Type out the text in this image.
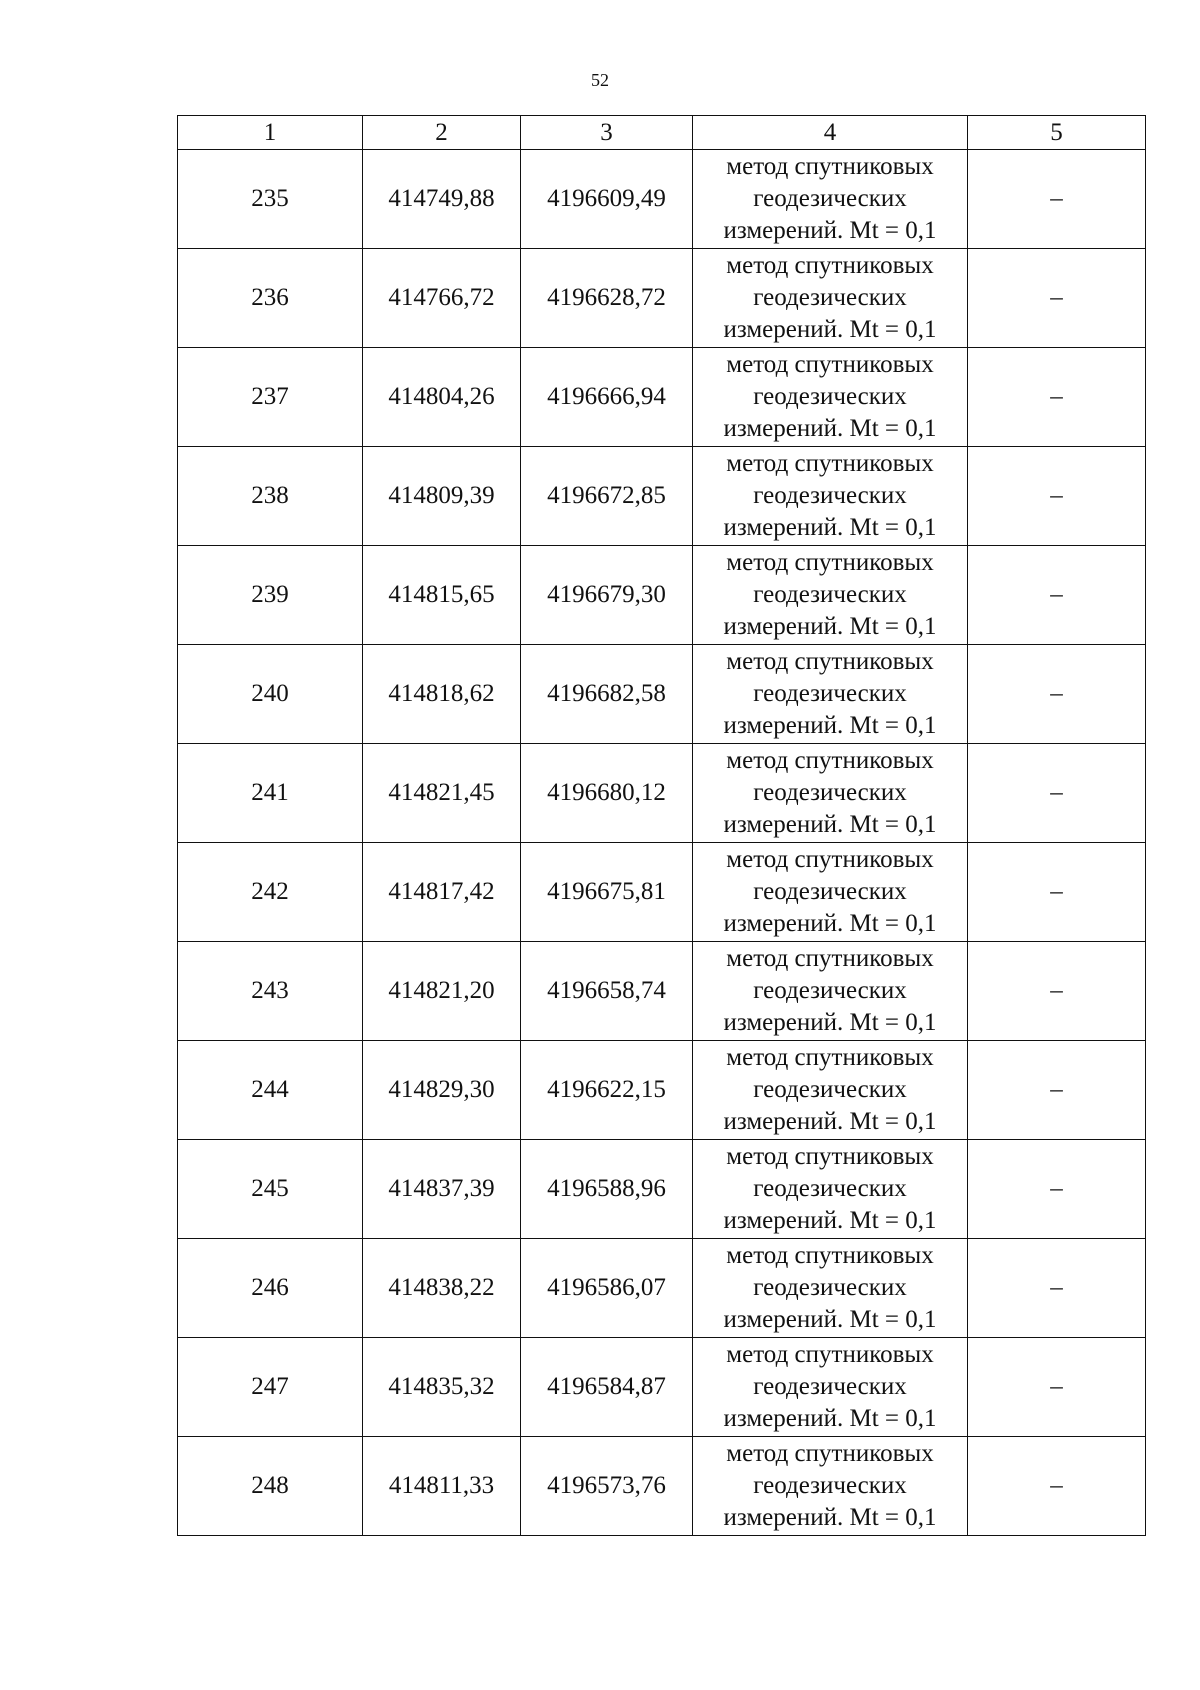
52
1	2	3	4	5
235	414749,88	4196609,49	метод спутниковых
геодезических
измерений. Mt = 0,1	–
236	414766,72	4196628,72	метод спутниковых
геодезических
измерений. Mt = 0,1	–
237	414804,26	4196666,94	метод спутниковых
геодезических
измерений. Mt = 0,1	–
238	414809,39	4196672,85	метод спутниковых
геодезических
измерений. Mt = 0,1	–
239	414815,65	4196679,30	метод спутниковых
геодезических
измерений. Mt = 0,1	–
240	414818,62	4196682,58	метод спутниковых
геодезических
измерений. Mt = 0,1	–
241	414821,45	4196680,12	метод спутниковых
геодезических
измерений. Mt = 0,1	–
242	414817,42	4196675,81	метод спутниковых
геодезических
измерений. Mt = 0,1	–
243	414821,20	4196658,74	метод спутниковых
геодезических
измерений. Mt = 0,1	–
244	414829,30	4196622,15	метод спутниковых
геодезических
измерений. Mt = 0,1	–
245	414837,39	4196588,96	метод спутниковых
геодезических
измерений. Mt = 0,1	–
246	414838,22	4196586,07	метод спутниковых
геодезических
измерений. Mt = 0,1	–
247	414835,32	4196584,87	метод спутниковых
геодезических
измерений. Mt = 0,1	–
248	414811,33	4196573,76	метод спутниковых
геодезических
измерений. Mt = 0,1	–
